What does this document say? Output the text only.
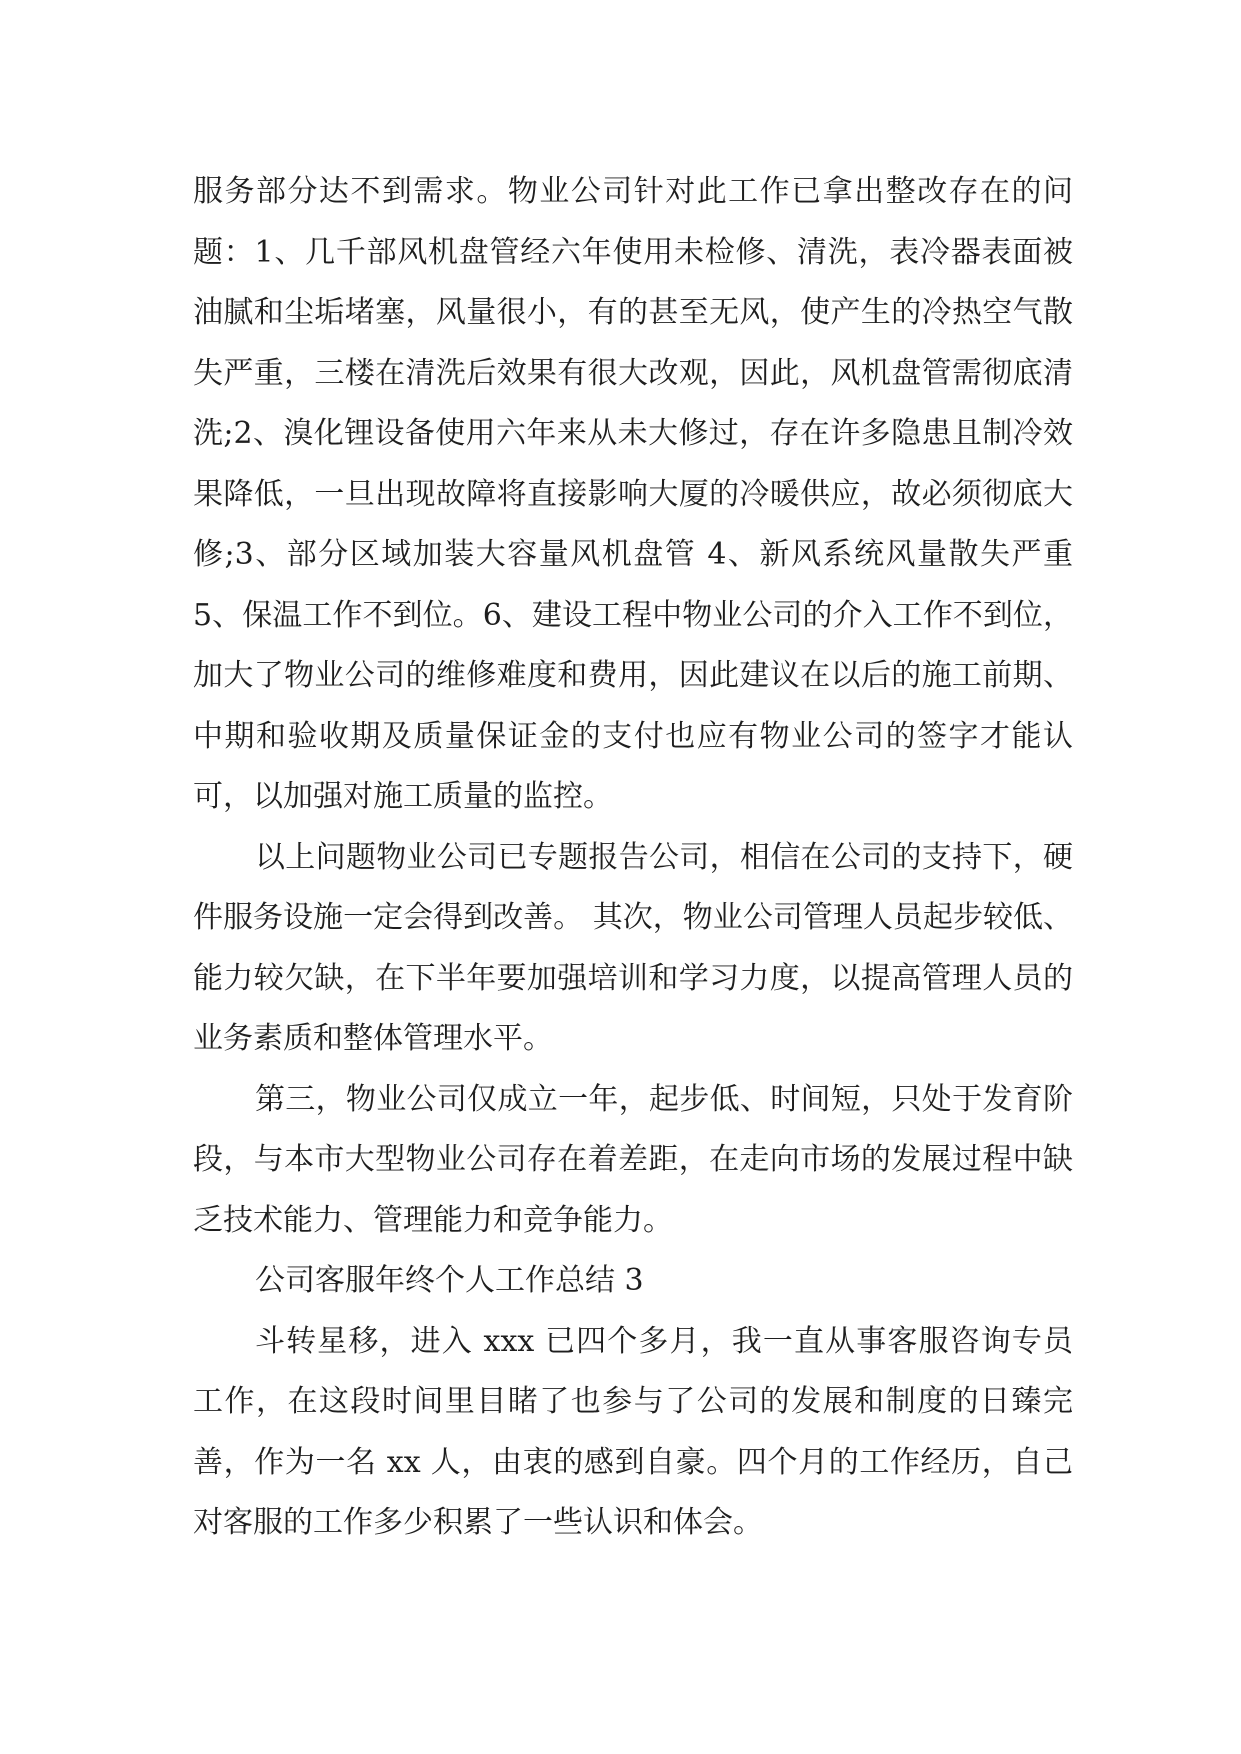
服务部分达不到需求。物业公司针对此工作已拿出整改存在的问题：1、几千部风机盘管经六年使用未检修、清洗，表冷器表面被油腻和尘垢堵塞，风量很小，有的甚至无风，使产生的冷热空气散失严重，三楼在清洗后效果有很大改观，因此，风机盘管需彻底清洗;2、溴化锂设备使用六年来从未大修过，存在许多隐患且制冷效果降低，一旦出现故障将直接影响大厦的冷暖供应，故必须彻底大修;3、部分区域加装大容量风机盘管 4、新风系统风量散失严重 5、保温工作不到位。6、建设工程中物业公司的介入工作不到位，加大了物业公司的维修难度和费用，因此建议在以后的施工前期、中期和验收期及质量保证金的支付也应有物业公司的签字才能认可，以加强对施工质量的监控。

以上问题物业公司已专题报告公司，相信在公司的支持下，硬件服务设施一定会得到改善。 其次，物业公司管理人员起步较低、能力较欠缺，在下半年要加强培训和学习力度，以提高管理人员的业务素质和整体管理水平。

第三，物业公司仅成立一年，起步低、时间短，只处于发育阶段，与本市大型物业公司存在着差距，在走向市场的发展过程中缺乏技术能力、管理能力和竞争能力。

公司客服年终个人工作总结 3

斗转星移，进入 xxx 已四个多月，我一直从事客服咨询专员工作，在这段时间里目睹了也参与了公司的发展和制度的日臻完善，作为一名 xx 人，由衷的感到自豪。四个月的工作经历，自己对客服的工作多少积累了一些认识和体会。
